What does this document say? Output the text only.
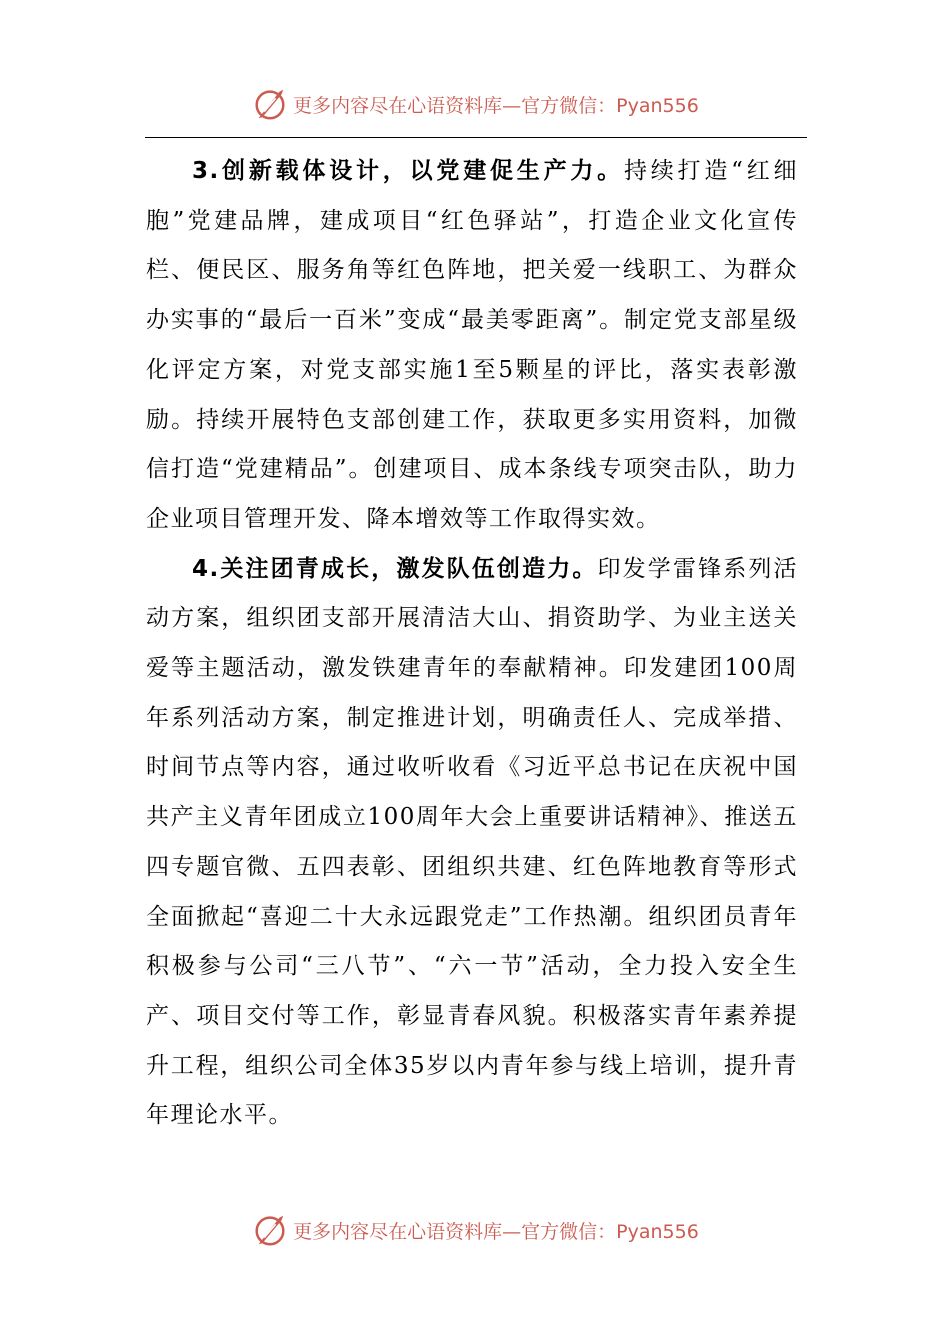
更多内容尽在心语资料库—官方微信：Pyan556

3.创新载体设计，以党建促生产力。持续打造“红细胞”党建品牌，建成项目“红色驿站”，打造企业文化宣传栏、便民区、服务角等红色阵地，把关爱一线职工、为群众办实事的“最后一百米”变成“最美零距离”。制定党支部星级化评定方案，对党支部实施1至5颗星的评比，落实表彰激励。持续开展特色支部创建工作，获取更多实用资料，加微信打造“党建精品”。创建项目、成本条线专项突击队，助力企业项目管理开发、降本增效等工作取得实效。

4.关注团青成长，激发队伍创造力。印发学雷锋系列活动方案，组织团支部开展清洁大山、捐资助学、为业主送关爱等主题活动，激发铁建青年的奉献精神。印发建团100周年系列活动方案，制定推进计划，明确责任人、完成举措、时间节点等内容，通过收听收看《习近平总书记在庆祝中国共产主义青年团成立100周年大会上重要讲话精神》、推送五四专题官微、五四表彰、团组织共建、红色阵地教育等形式全面掀起“喜迎二十大永远跟党走”工作热潮。组织团员青年积极参与公司“三八节”、“六一节”活动，全力投入安全生产、项目交付等工作，彰显青春风貌。积极落实青年素养提升工程，组织公司全体35岁以内青年参与线上培训，提升青年理论水平。

更多内容尽在心语资料库—官方微信：Pyan556
